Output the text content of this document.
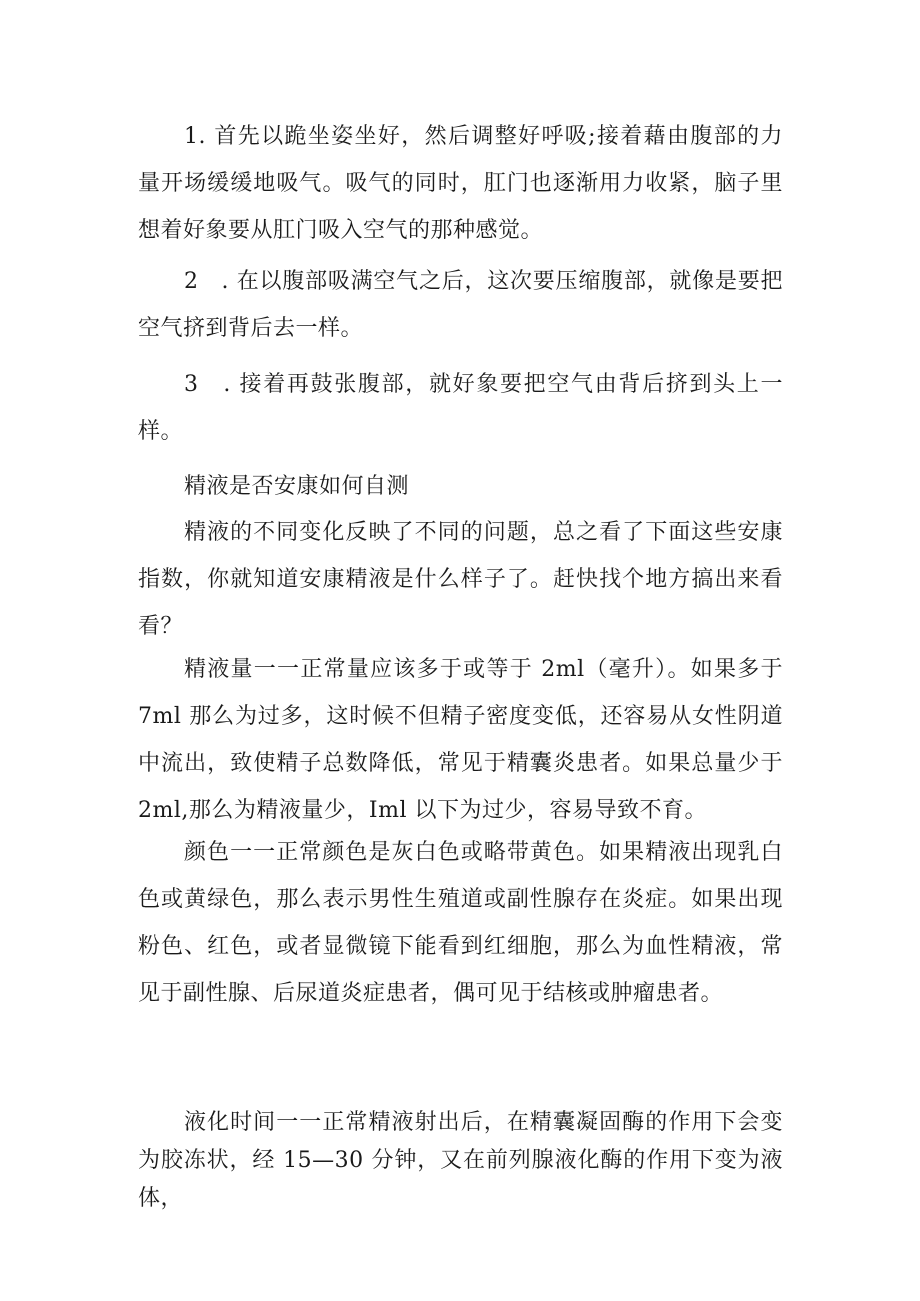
1. 首先以跪坐姿坐好，然后调整好呼吸;接着藉由腹部的力量开场缓缓地吸气。吸气的同时，肛门也逐渐用力收紧，脑子里想着好象要从肛门吸入空气的那种感觉。

2　. 在以腹部吸满空气之后，这次要压缩腹部，就像是要把空气挤到背后去一样。

3　. 接着再鼓张腹部，就好象要把空气由背后挤到头上一样。

精液是否安康如何自测

精液的不同变化反映了不同的问题，总之看了下面这些安康指数，你就知道安康精液是什么样子了。赶快找个地方搞出来看看？

精液量一一正常量应该多于或等于 2ml（毫升）。如果多于 7ml 那么为过多，这时候不但精子密度变低，还容易从女性阴道中流出，致使精子总数降低，常见于精囊炎患者。如果总量少于 2ml,那么为精液量少，Iml 以下为过少，容易导致不育。

颜色一一正常颜色是灰白色或略带黄色。如果精液出现乳白色或黄绿色，那么表示男性生殖道或副性腺存在炎症。如果出现粉色、红色，或者显微镜下能看到红细胞，那么为血性精液，常见于副性腺、后尿道炎症患者，偶可见于结核或肿瘤患者。

液化时间一一正常精液射出后，在精囊凝固酶的作用下会变为胶冻状，经 15—30 分钟，又在前列腺液化酶的作用下变为液体，
